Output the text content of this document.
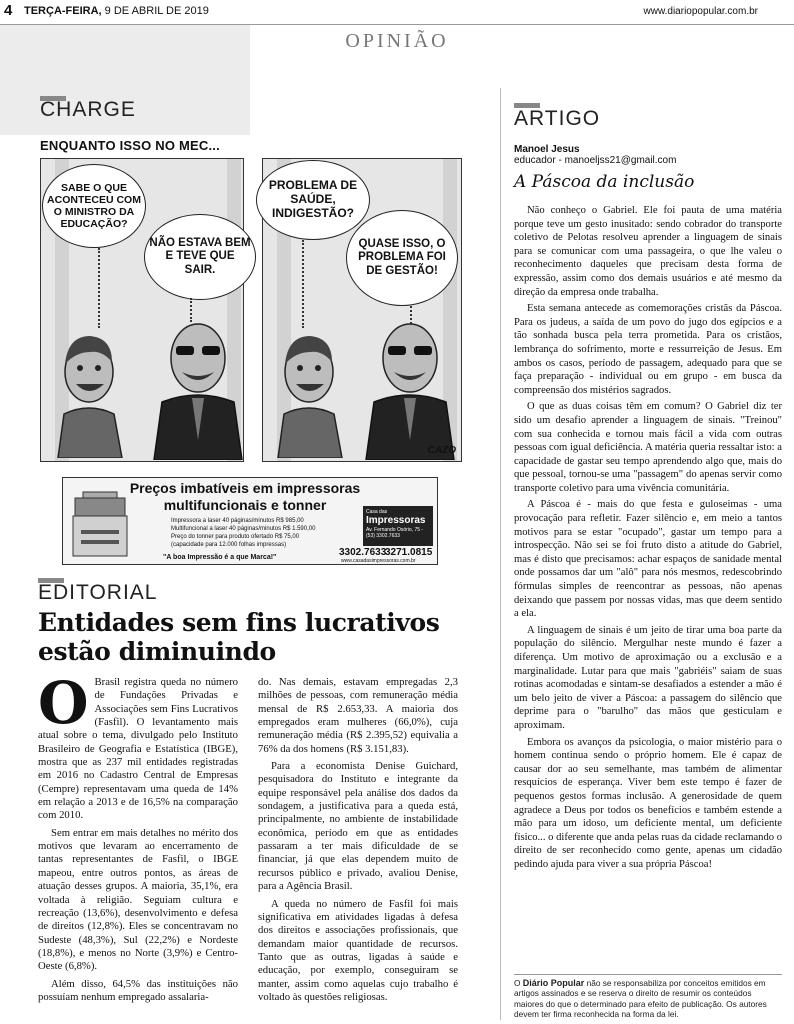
4 TERÇA-FEIRA, 9 DE ABRIL DE 2019	www.diariopopular.com.br
OPINIÃO
CHARGE
ENQUANTO ISSO NO MEC...
SABE O QUE ACONTECEU COM O MINISTRO DA EDUCAÇÃO?
NÃO ESTAVA BEM E TEVE QUE SAIR.
PROBLEMA DE SAÚDE, INDIGESTÃO?
QUASE ISSO, O PROBLEMA FOI DE GESTÃO!
CAZO
Preços imbatíveis em impressoras
multifuncionais e tonner
Impressora a laser 40 páginas/minutos R$ 985,00
Multifuncional a laser 40 páginas/minutos R$ 1.590,00
Preço do tonner para produto ofertado R$ 75,00
(capacidade para 12.000 folhas impressas)
"A boa Impressão é a que Marca!"
Casa das
Impressoras
Av. Fernando Osório, 75 - (53) 3302.7633
3302.7633
3271.0815
www.casadasimpressoras.com.br
EDITORIAL
Entidades sem fins lucrativos estão diminuindo

O Brasil registra queda no número de Fundações Privadas e Associações sem Fins Lucrativos (Fasfil). O levantamento mais atual sobre o tema, divulgado pelo Instituto Brasileiro de Geografia e Estatística (IBGE), mostra que as 237 mil entidades registradas em 2016 no Cadastro Central de Empresas (Cempre) representavam uma queda de 14% em relação a 2013 e de 16,5% na comparação com 2010.

Sem entrar em mais detalhes no mérito dos motivos que levaram ao encerramento de tantas representantes de Fasfil, o IBGE mapeou, entre outros pontos, as áreas de atuação desses grupos. A maioria, 35,1%, era voltada à religião. Seguiam cultura e recreação (13,6%), desenvolvimento e defesa de direitos (12,8%). Eles se concentravam no Sudeste (48,3%), Sul (22,2%) e Nordeste (18,8%), e menos no Norte (3,9%) e Centro-Oeste (6,8%).

Além disso, 64,5% das instituições não possuíam nenhum empregado assalaria-

do. Nas demais, estavam empregadas 2,3 milhões de pessoas, com remuneração média mensal de R$ 2.653,33. A maioria dos empregados eram mulheres (66,0%), cuja remuneração média (R$ 2.395,52) equivalia a 76% da dos homens (R$ 3.151,83).

Para a economista Denise Guichard, pesquisadora do Instituto e integrante da equipe responsável pela análise dos dados da sondagem, a justificativa para a queda está, principalmente, no ambiente de instabilidade econômica, período em que as entidades passaram a ter mais dificuldade de se financiar, já que elas dependem muito de recursos público e privado, avaliou Denise, para a Agência Brasil.

A queda no número de Fasfil foi mais significativa em atividades ligadas à defesa dos direitos e associações profissionais, que demandam maior quantidade de recursos. Tanto que as outras, ligadas à saúde e educação, por exemplo, conseguiram se manter, assim como aquelas cujo trabalho é voltado às questões religiosas.

ARTIGO
Manoel Jesus
educador - manoeljss21@gmail.com
A Páscoa da inclusão

Não conheço o Gabriel. Ele foi pauta de uma matéria porque teve um gesto inusitado: sendo cobrador do transporte coletivo de Pelotas resolveu aprender a linguagem de sinais para se comunicar com uma passageira, o que lhe valeu o reconhecimento daqueles que precisam desta forma de expressão, assim como dos demais usuários e até mesmo da direção da empresa onde trabalha.

Esta semana antecede as comemorações cristãs da Páscoa. Para os judeus, a saída de um povo do jugo dos egípcios e a tão sonhada busca pela terra prometida. Para os cristãos, lembrança do sofrimento, morte e ressurreição de Jesus. Em ambos os casos, período de passagem, adequado para que se faça preparação - individual ou em grupo - em busca da compreensão dos mistérios sagrados.

O que as duas coisas têm em comum? O Gabriel diz ter sido um desafio aprender a linguagem de sinais. "Treinou" com sua conhecida e tornou mais fácil a vida com outras pessoas com igual deficiência. A matéria queria ressaltar isto: a capacidade de gastar seu tempo aprendendo algo que, mais do que pessoal, tornou-se uma "passagem" do apenas servir como transporte coletivo para uma vivência comunitária.

A Páscoa é - mais do que festa e guloseimas - uma provocação para refletir. Fazer silêncio e, em meio a tantos motivos para se estar "ocupado", gastar um tempo para a introspecção. Não sei se foi fruto disto a atitude do Gabriel, mas é disto que precisamos: achar espaços de sanidade mental onde possamos dar um "alô" para nós mesmos, redescobrindo fórmulas simples de reencontrar as pessoas, não apenas deixando que passem por nossas vidas, mas que deem sentido a ela.

A linguagem de sinais é um jeito de tirar uma boa parte da população do silêncio. Mergulhar neste mundo é fazer a diferença. Um motivo de aproximação ou a exclusão e a marginalidade. Lutar para que mais "gabriéis" saiam de suas rotinas acomodadas e sintam-se desafiados a estender a mão é um belo jeito de viver a Páscoa: a passagem do silêncio que deprime para o "barulho" das mãos que gesticulam e aproximam.

Embora os avanços da psicologia, o maior mistério para o homem continua sendo o próprio homem. Ele é capaz de causar dor ao seu semelhante, mas também de alimentar resquícios de esperança. Viver bem este tempo é fazer de pequenos gestos formas inclusão. A generosidade de quem agradece a Deus por todos os benefícios e também estende a mão para um idoso, um deficiente mental, um deficiente físico... o diferente que anda pelas ruas da cidade reclamando o direito de ser reconhecido como gente, apenas um cidadão pedindo ajuda para viver a sua própria Páscoa!

O Diário Popular não se responsabiliza por conceitos emitidos em artigos assinados e se reserva o direito de resumir os conteúdos maiores do que o determinado para efeito de publicação. Os autores devem ter firma reconhecida na forma da lei.
